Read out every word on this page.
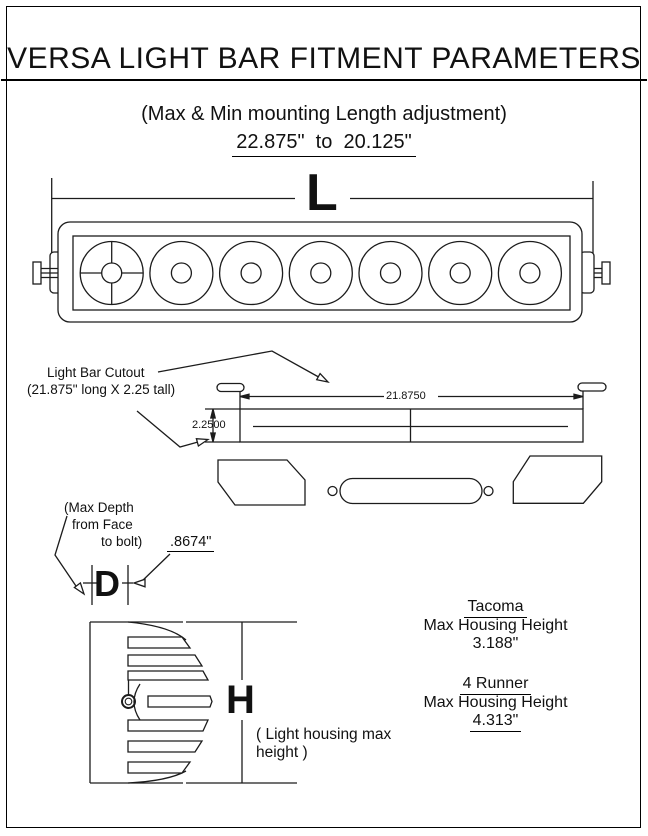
VERSA LIGHT BAR FITMENT PARAMETERS
(Max & Min mounting Length adjustment)
22.875"  to  20.125"
L
Light Bar Cutout
(21.875" long X 2.25 tall)	21.8750
2.2500
(Max Depth
from Face
to bolt) .8674"
D
H
( Light housing max
height )
Tacoma
Max Housing Height
3.188"
4 Runner
Max Housing Height
4.313"
